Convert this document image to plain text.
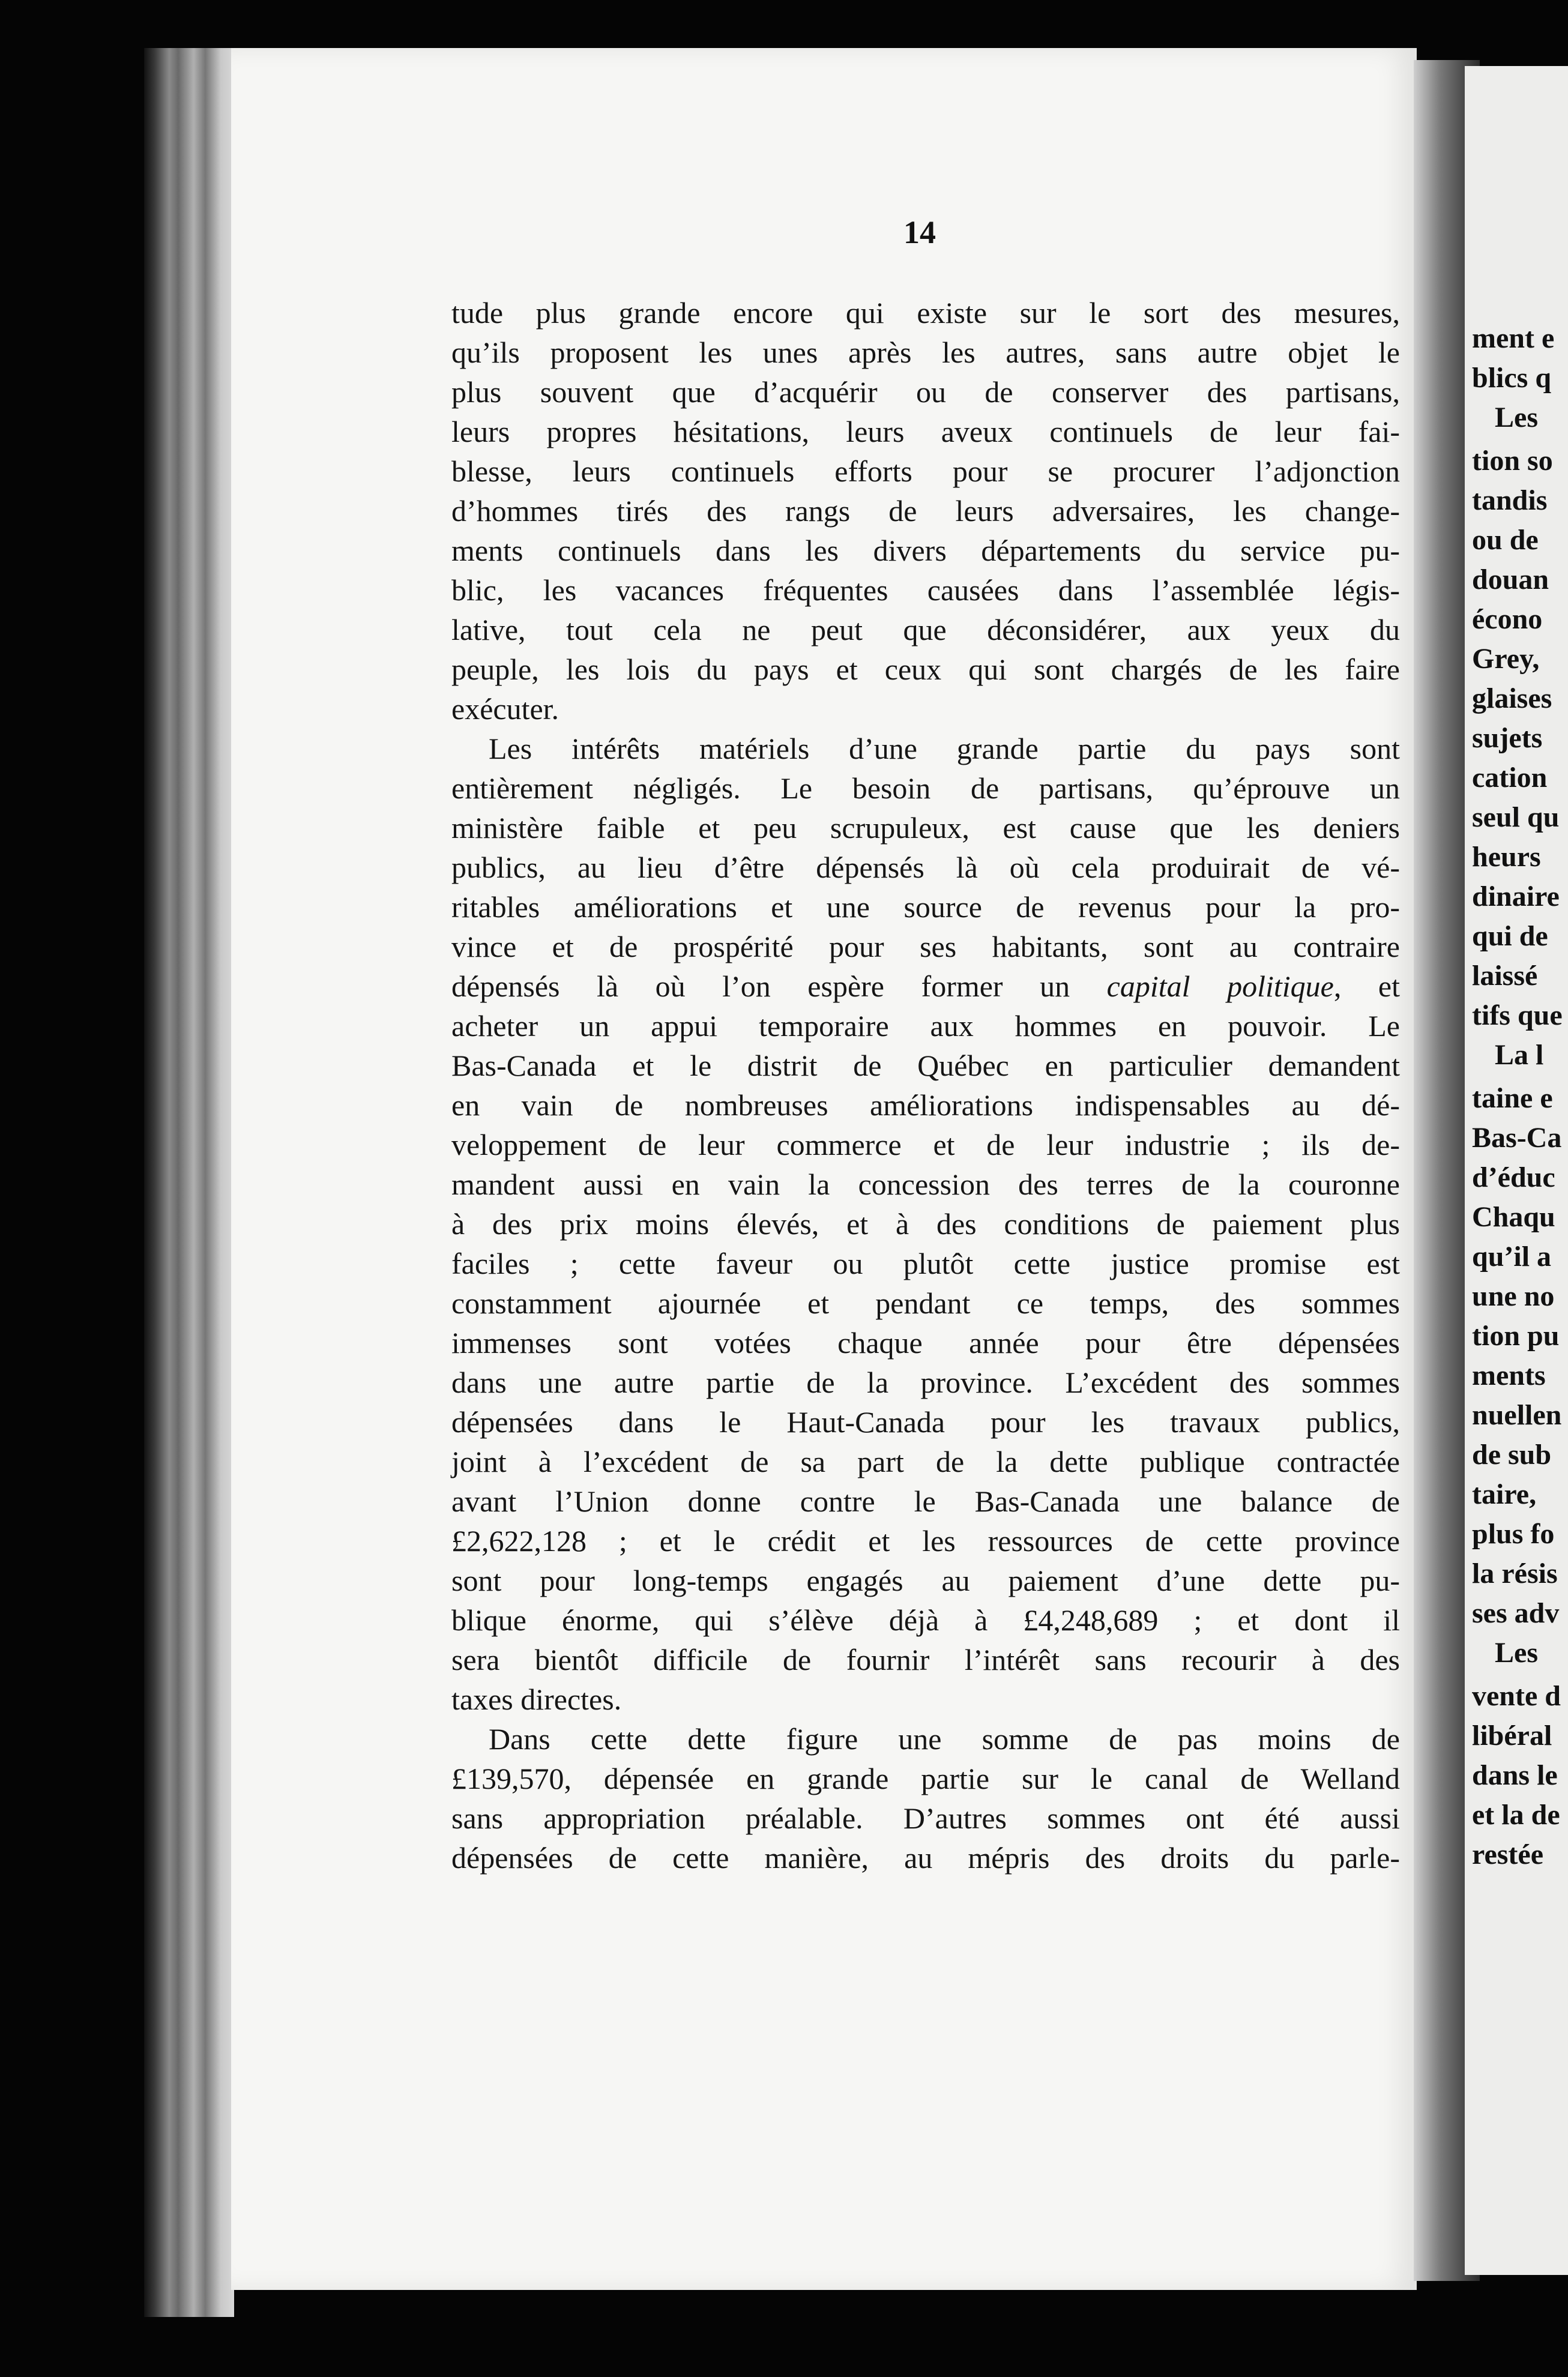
ment e
blics q
Les
tion so
tandis
ou de
douan
écono
Grey,
glaises
sujets
cation
seul qu
heurs
dinaire
qui de
laissé
tifs que
La l
taine e
Bas-Ca
d’éduc
Chaqu
qu’il a
une no
tion pu
ments
nuellen
de sub
taire,
plus fo
la résis
ses adv
Les
vente d
libéral
dans le
et la de
restée
14
tude plus grande encore qui existe sur le sort des mesures,
qu’ils proposent les unes après les autres, sans autre objet le
plus souvent que d’acquérir ou de conserver des partisans,
leurs propres hésitations, leurs aveux continuels de leur fai-
blesse, leurs continuels efforts pour se procurer l’adjonction
d’hommes tirés des rangs de leurs adversaires, les change-
ments continuels dans les divers départements du service pu-
blic, les vacances fréquentes causées dans l’assemblée légis-
lative, tout cela ne peut que déconsidérer, aux yeux du
peuple, les lois du pays et ceux qui sont chargés de les faire
exécuter.
Les intérêts matériels d’une grande partie du pays sont
entièrement négligés. Le besoin de partisans, qu’éprouve un
ministère faible et peu scrupuleux, est cause que les deniers
publics, au lieu d’être dépensés là où cela produirait de vé-
ritables améliorations et une source de revenus pour la pro-
vince et de prospérité pour ses habitants, sont au contraire
dépensés là où l’on espère former un capital politique, et
acheter un appui temporaire aux hommes en pouvoir. Le
Bas-Canada et le distrit de Québec en particulier demandent
en vain de nombreuses améliorations indispensables au dé-
veloppement de leur commerce et de leur industrie ; ils de-
mandent aussi en vain la concession des terres de la couronne
à des prix moins élevés, et à des conditions de paiement plus
faciles ; cette faveur ou plutôt cette justice promise est
constamment ajournée et pendant ce temps, des sommes
immenses sont votées chaque année pour être dépensées
dans une autre partie de la province. L’excédent des sommes
dépensées dans le Haut-Canada pour les travaux publics,
joint à l’excédent de sa part de la dette publique contractée
avant l’Union donne contre le Bas-Canada une balance de
£2,622,128 ; et le crédit et les ressources de cette province
sont pour long-temps engagés au paiement d’une dette pu-
blique énorme, qui s’élève déjà à £4,248,689 ; et dont il
sera bientôt difficile de fournir l’intérêt sans recourir à des
taxes directes.
Dans cette dette figure une somme de pas moins de
£139,570, dépensée en grande partie sur le canal de Welland
sans appropriation préalable. D’autres sommes ont été aussi
dépensées de cette manière, au mépris des droits du parle-
